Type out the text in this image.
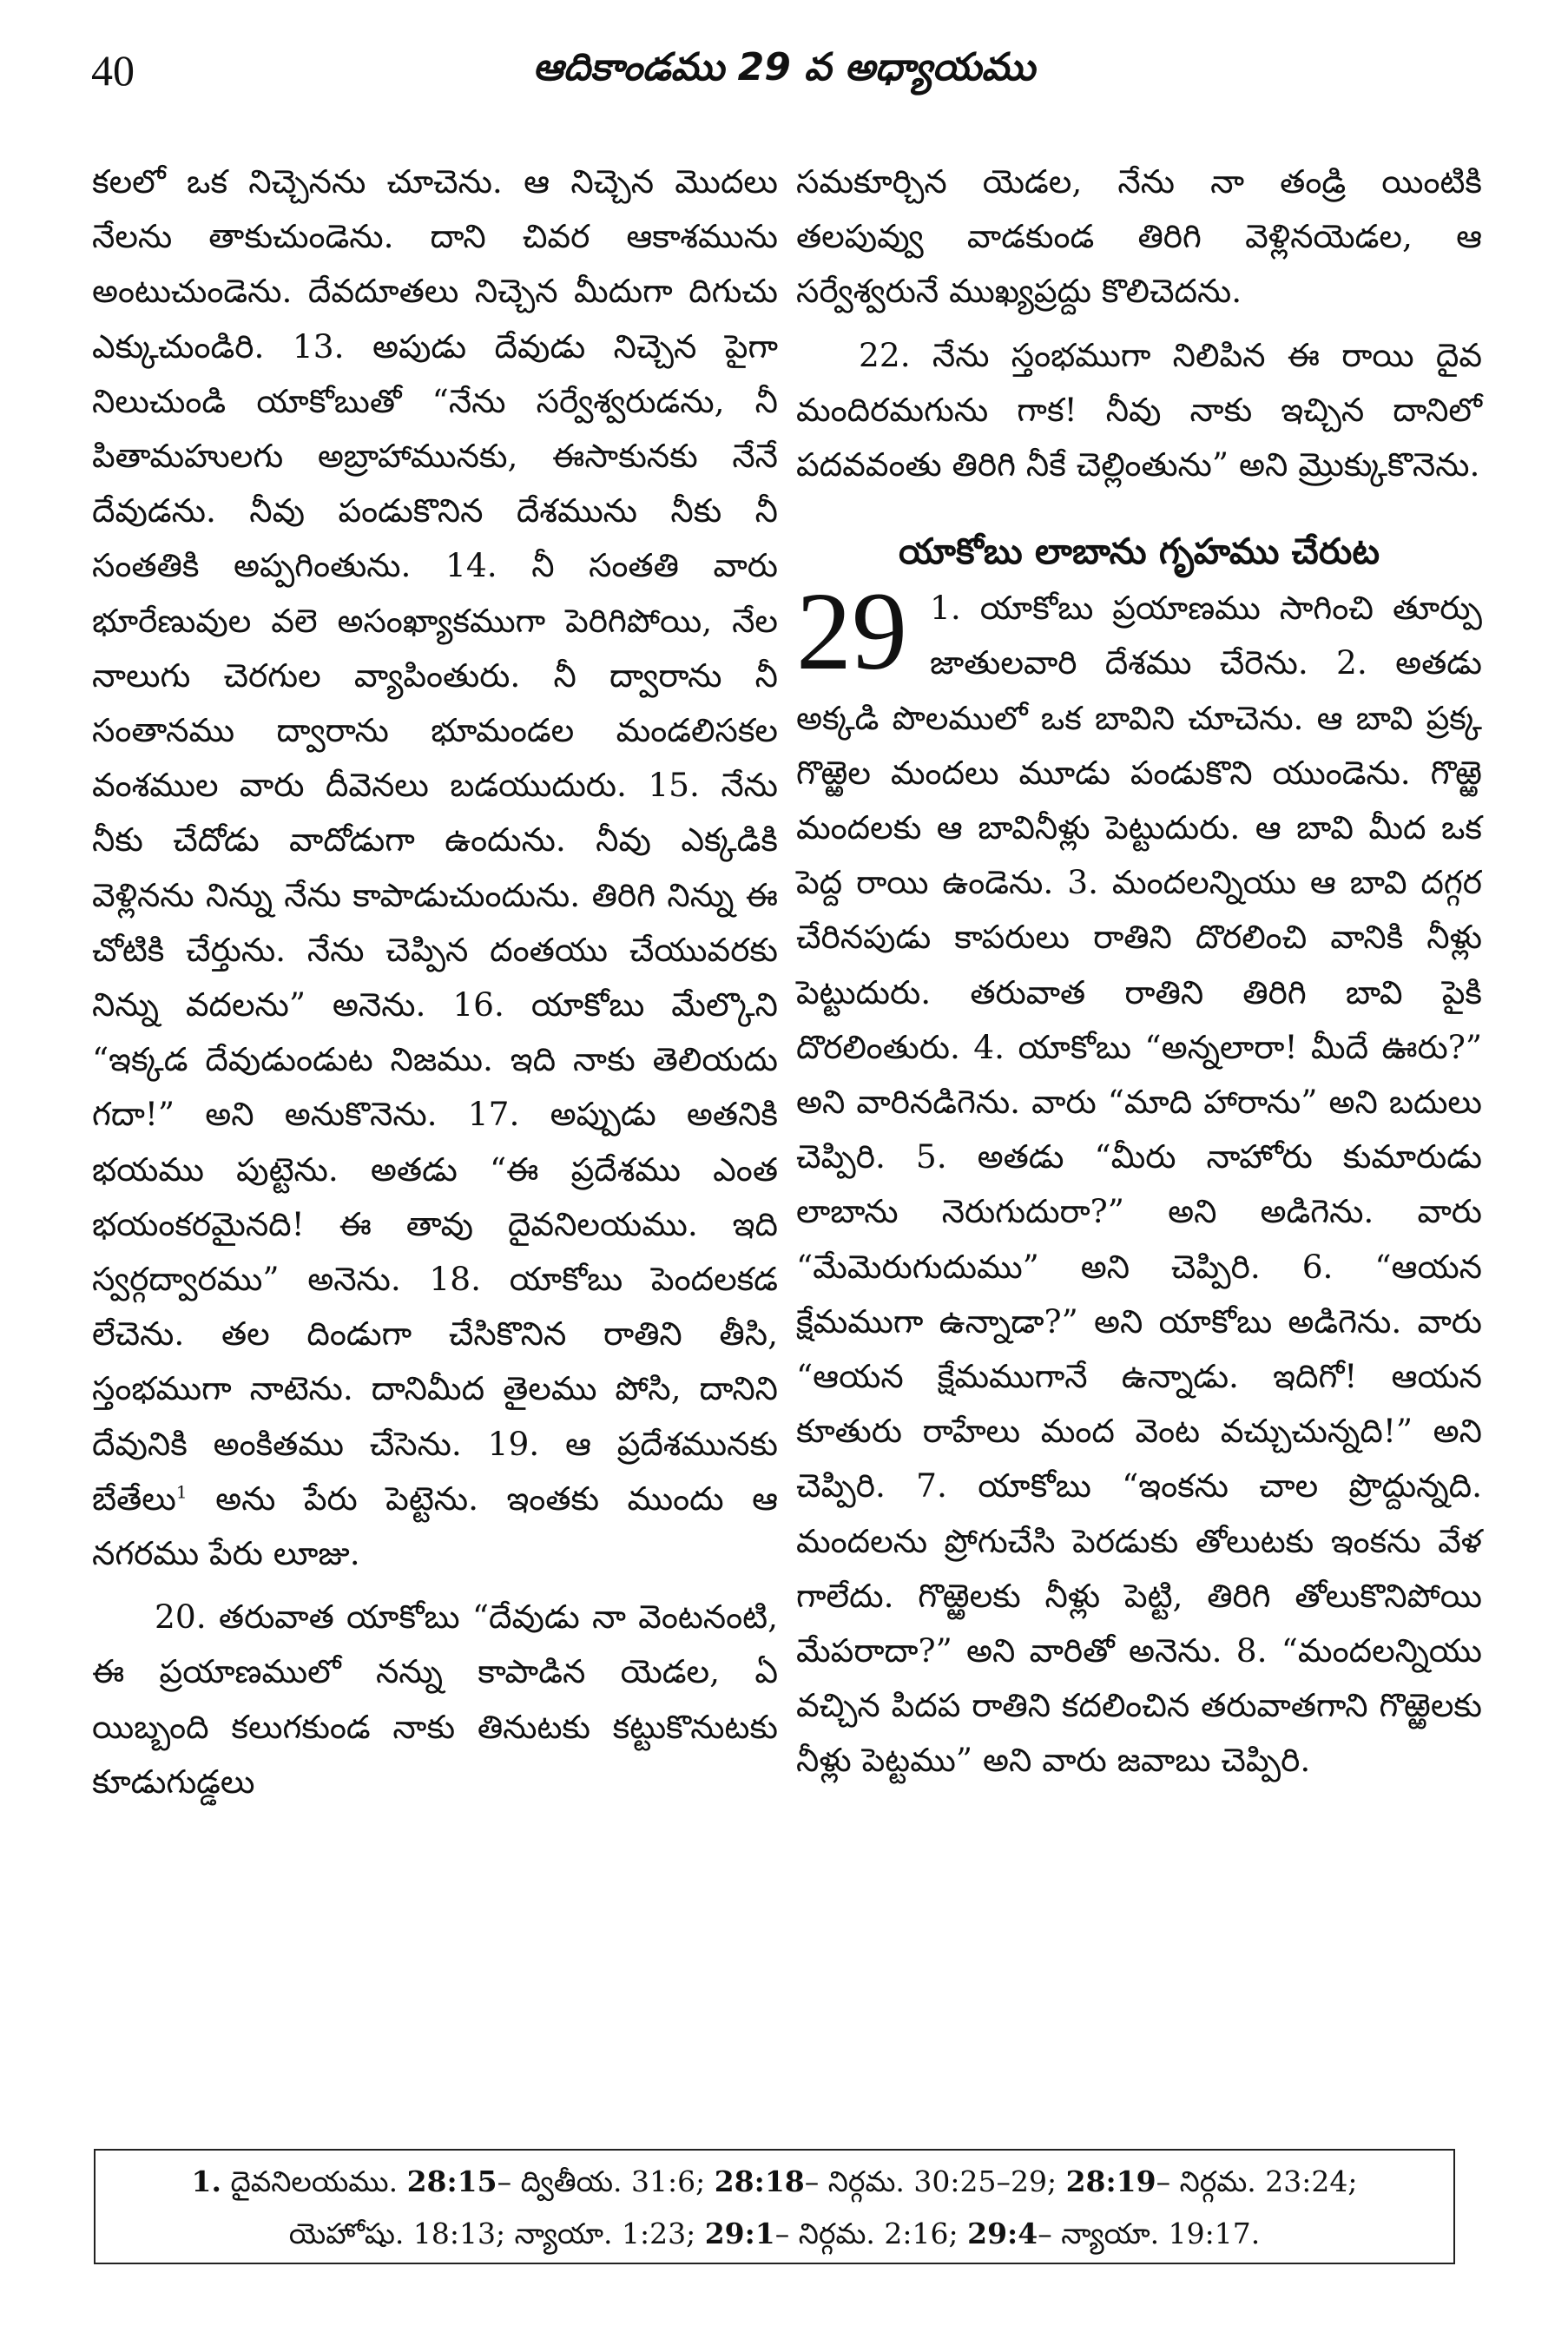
40	ఆదికాండము 29 వ అధ్యాయము

కలలో ఒక నిచ్చెనను చూచెను. ఆ నిచ్చెన మొదలు నేలను తాకుచుండెను. దాని చివర ఆకాశమును అంటుచుండెను. దేవదూతలు నిచ్చెన మీదుగా దిగుచు ఎక్కుచుండిరి. 13. అపుడు దేవుడు నిచ్చెన పైగా నిలుచుండి యాకోబుతో “నేను సర్వేశ్వరుడను, నీ పితామహులగు అబ్రాహామునకు, ఈసాకునకు నేనే దేవుడను. నీవు పండుకొనిన దేశమును నీకు నీ సంతతికి అప్పగింతును. 14. నీ సంతతి వారు భూరేణువుల వలె అసంఖ్యాకముగా పెరిగిపోయి, నేల నాలుగు చెరగుల వ్యాపింతురు. నీ ద్వారాను నీ సంతానము ద్వారాను భూమండల మండలిసకల వంశముల వారు దీవెనలు బడయుదురు. 15. నేను నీకు చేదోడు వాదోడుగా ఉందును. నీవు ఎక్కడికి వెళ్లినను నిన్ను నేను కాపాడుచుందును. తిరిగి నిన్ను ఈ చోటికి చేర్తును. నేను చెప్పిన దంతయు చేయువరకు నిన్ను వదలను” అనెను. 16. యాకోబు మేల్కొని “ఇక్కడ దేవుడుండుట నిజము. ఇది నాకు తెలియదు గదా!” అని అనుకొనెను. 17. అప్పుడు అతనికి భయము పుట్టెను. అతడు “ఈ ప్రదేశము ఎంత భయంకరమైనది! ఈ తావు దైవనిలయము. ఇది స్వర్గద్వారము” అనెను. 18. యాకోబు పెందలకడ లేచెను. తల దిండుగా చేసికొనిన రాతిని తీసి, స్తంభముగా నాటెను. దానిమీద తైలము పోసి, దానిని దేవునికి అంకితము చేసెను. 19. ఆ ప్రదేశమునకు బేతేలు$^1$ అను పేరు పెట్టెను. ఇంతకు ముందు ఆ నగరము పేరు లూజు.

20. తరువాత యాకోబు “దేవుడు నా వెంటనంటి, ఈ ప్రయాణములో నన్ను కాపాడిన యెడల, ఏ యిబ్బంది కలుగకుండ నాకు తినుటకు కట్టుకొనుటకు కూడుగుడ్డలు

సమకూర్చిన యెడల, నేను నా తండ్రి యింటికి తలపువ్వు వాడకుండ తిరిగి వెళ్లినయెడల, ఆ సర్వేశ్వరునే ముఖ్యప్రద్దు కొలిచెదను.

22. నేను స్తంభముగా నిలిపిన ఈ రాయి దైవ మందిరమగును గాక! నీవు నాకు ఇచ్చిన దానిలో పదవవంతు తిరిగి నీకే చెల్లింతును” అని మ్రొక్కుకొనెను.

యాకోబు లాబాను గృహము చేరుట

29 1. యాకోబు ప్రయాణము సాగించి తూర్పు జాతులవారి దేశము చేరెను. 2. అతడు అక్కడి పొలములో ఒక బావిని చూచెను. ఆ బావి ప్రక్క గొఱ్ఱెల మందలు మూడు పండుకొని యుండెను. గొఱ్ఱె మందలకు ఆ బావినీళ్లు పెట్టుదురు. ఆ బావి మీద ఒక పెద్ద రాయి ఉండెను. 3. మందలన్నియు ఆ బావి దగ్గర చేరినపుడు కాపరులు రాతిని దొరలించి వానికి నీళ్లు పెట్టుదురు. తరువాత రాతిని తిరిగి బావి పైకి దొరలింతురు. 4. యాకోబు “అన్నలారా! మీదే ఊరు?” అని వారినడిగెను. వారు “మాది హారాను” అని బదులు చెప్పిరి. 5. అతడు “మీరు నాహోరు కుమారుడు లాబాను నెరుగుదురా?” అని అడిగెను. వారు “మేమెరుగుదుము” అని చెప్పిరి. 6. “ఆయన క్షేమముగా ఉన్నాడా?” అని యాకోబు అడిగెను. వారు “ఆయన క్షేమముగానే ఉన్నాడు. ఇదిగో! ఆయన కూతురు రాహేలు మంద వెంట వచ్చుచున్నది!” అని చెప్పిరి. 7. యాకోబు “ఇంకను చాల ప్రొద్దున్నది. మందలను ప్రోగుచేసి పెరడుకు తోలుటకు ఇంకను వేళ గాలేదు. గొఱ్ఱెలకు నీళ్లు పెట్టి, తిరిగి తోలుకొనిపోయి మేపరాదా?” అని వారితో అనెను. 8. “మందలన్నియు వచ్చిన పిదప రాతిని కదలించిన తరువాతగాని గొఱ్ఱెలకు నీళ్లు పెట్టము” అని వారు జవాబు చెప్పిరి.

1. దైవనిలయము. 28:15– ద్వితీయ. 31:6; 28:18– నిర్గమ. 30:25–29; 28:19– నిర్గమ. 23:24;
యెహోషు. 18:13; న్యాయా. 1:23; 29:1– నిర్గమ. 2:16; 29:4– న్యాయా. 19:17.
